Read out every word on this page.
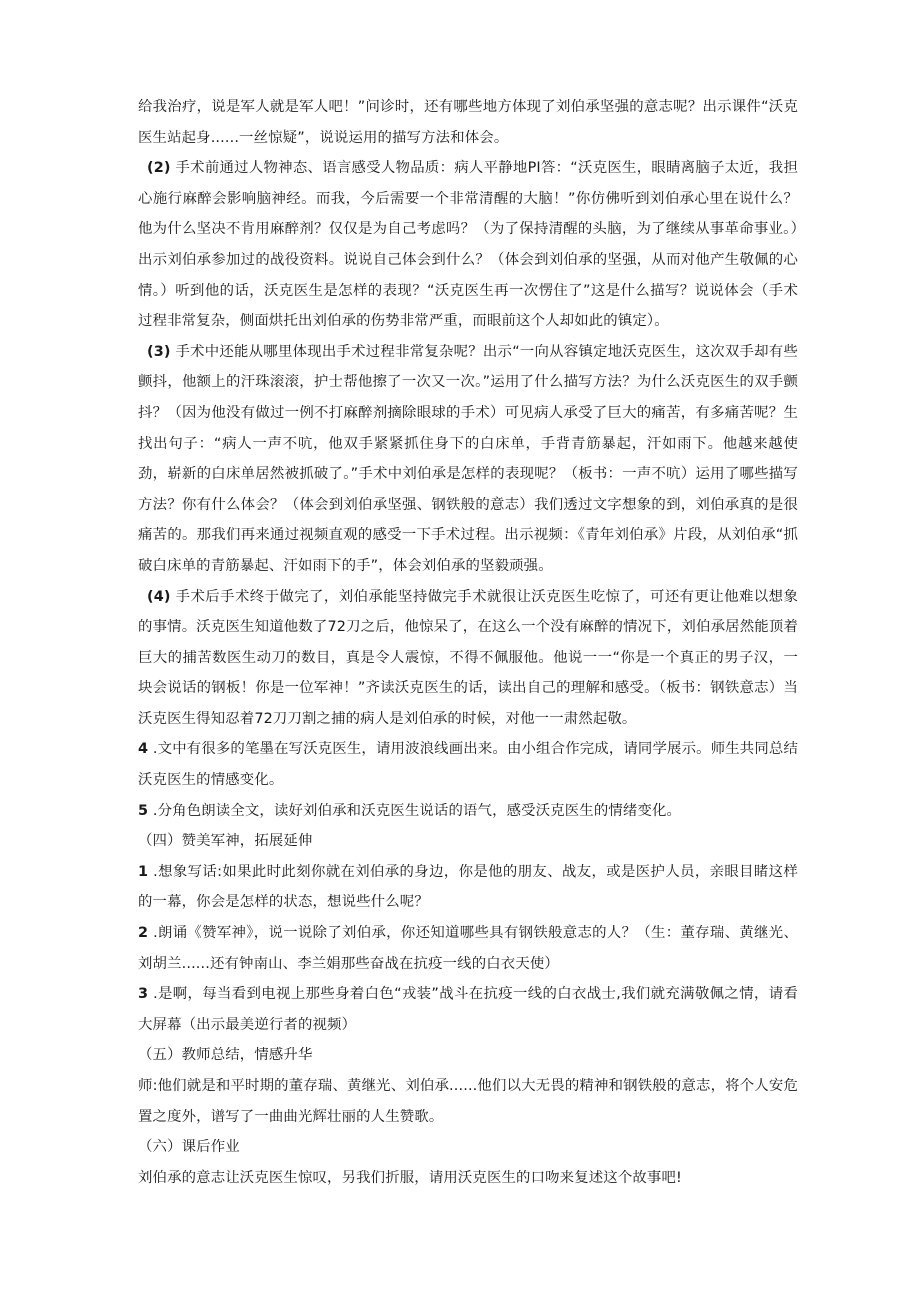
给我治疗，说是军人就是军人吧！”问诊时，还有哪些地方体现了刘伯承坚强的意志呢？出示课件“沃克医生站起身......一丝惊疑”，说说运用的描写方法和体会。

(2) 手术前通过人物神态、语言感受人物品质：病人平静地PI答：“沃克医生，眼睛离脑子太近，我担心施行麻醉会影响脑神经。而我，今后需要一个非常清醒的大脑！”你仿佛听到刘伯承心里在说什么？他为什么坚决不肯用麻醉剂？仅仅是为自己考虑吗？（为了保持清醒的头脑，为了继续从事革命事业。）出示刘伯承参加过的战役资料。说说自己体会到什么？（体会到刘伯承的坚强，从而对他产生敬佩的心情。）听到他的话，沃克医生是怎样的表现？“沃克医生再一次愣住了”这是什么描写？说说体会（手术过程非常复杂，侧面烘托出刘伯承的伤势非常严重，而眼前这个人却如此的镇定）。

(3) 手术中还能从哪里体现出手术过程非常复杂呢？出示“一向从容镇定地沃克医生，这次双手却有些颤抖，他额上的汗珠滚滚，护士帮他擦了一次又一次。”运用了什么描写方法？为什么沃克医生的双手颤抖？（因为他没有做过一例不打麻醉剂摘除眼球的手术）可见病人承受了巨大的痛苦，有多痛苦呢？生找出句子：“病人一声不吭，他双手紧紧抓住身下的白床单，手背青筋暴起，汗如雨下。他越来越使劲，崭新的白床单居然被抓破了。”手术中刘伯承是怎样的表现呢？（板书：一声不吭）运用了哪些描写方法？你有什么体会？（体会到刘伯承坚强、钢铁般的意志）我们透过文字想象的到，刘伯承真的是很痛苦的。那我们再来通过视频直观的感受一下手术过程。出示视频：《青年刘伯承》片段，从刘伯承“抓破白床单的青筋暴起、汗如雨下的手”，体会刘伯承的坚毅顽强。

(4) 手术后手术终于做完了，刘伯承能坚持做完手术就很让沃克医生吃惊了，可还有更让他难以想象的事情。沃克医生知道他数了72刀之后，他惊呆了，在这么一个没有麻醉的情况下，刘伯承居然能顶着巨大的捕苦数医生动刀的数目，真是令人震惊，不得不佩服他。他说一一“你是一个真正的男子汉，一块会说话的钢板！你是一位军神！”齐读沃克医生的话，读出自己的理解和感受。（板书：钢铁意志）当沃克医生得知忍着72刀刀割之捕的病人是刘伯承的时候，对他一一肃然起敬。

4 .文中有很多的笔墨在写沃克医生，请用波浪线画出来。由小组合作完成，请同学展示。师生共同总结沃克医生的情感变化。

5 .分角色朗读全文，读好刘伯承和沃克医生说话的语气，感受沃克医生的情绪变化。

（四）赞美军神，拓展延伸

1 .想象写话:如果此时此刻你就在刘伯承的身边，你是他的朋友、战友，或是医护人员，亲眼目睹这样的一幕，你会是怎样的状态，想说些什么呢？

2 .朗诵《赞军神》，说一说除了刘伯承，你还知道哪些具有钢铁般意志的人？（生：董存瑞、黄继光、刘胡兰......还有钟南山、李兰娟那些奋战在抗疫一线的白衣天使）

3 .是啊，每当看到电视上那些身着白色“戎装”战斗在抗疫一线的白衣战士,我们就充满敬佩之情，请看大屏幕（出示最美逆行者的视频）

（五）教师总结，情感升华

师:他们就是和平时期的董存瑞、黄继光、刘伯承......他们以大无畏的精神和钢铁般的意志，将个人安危置之度外，谱写了一曲曲光辉壮丽的人生赞歌。

（六）课后作业

刘伯承的意志让沃克医生惊叹，另我们折服，请用沃克医生的口吻来复述这个故事吧!
